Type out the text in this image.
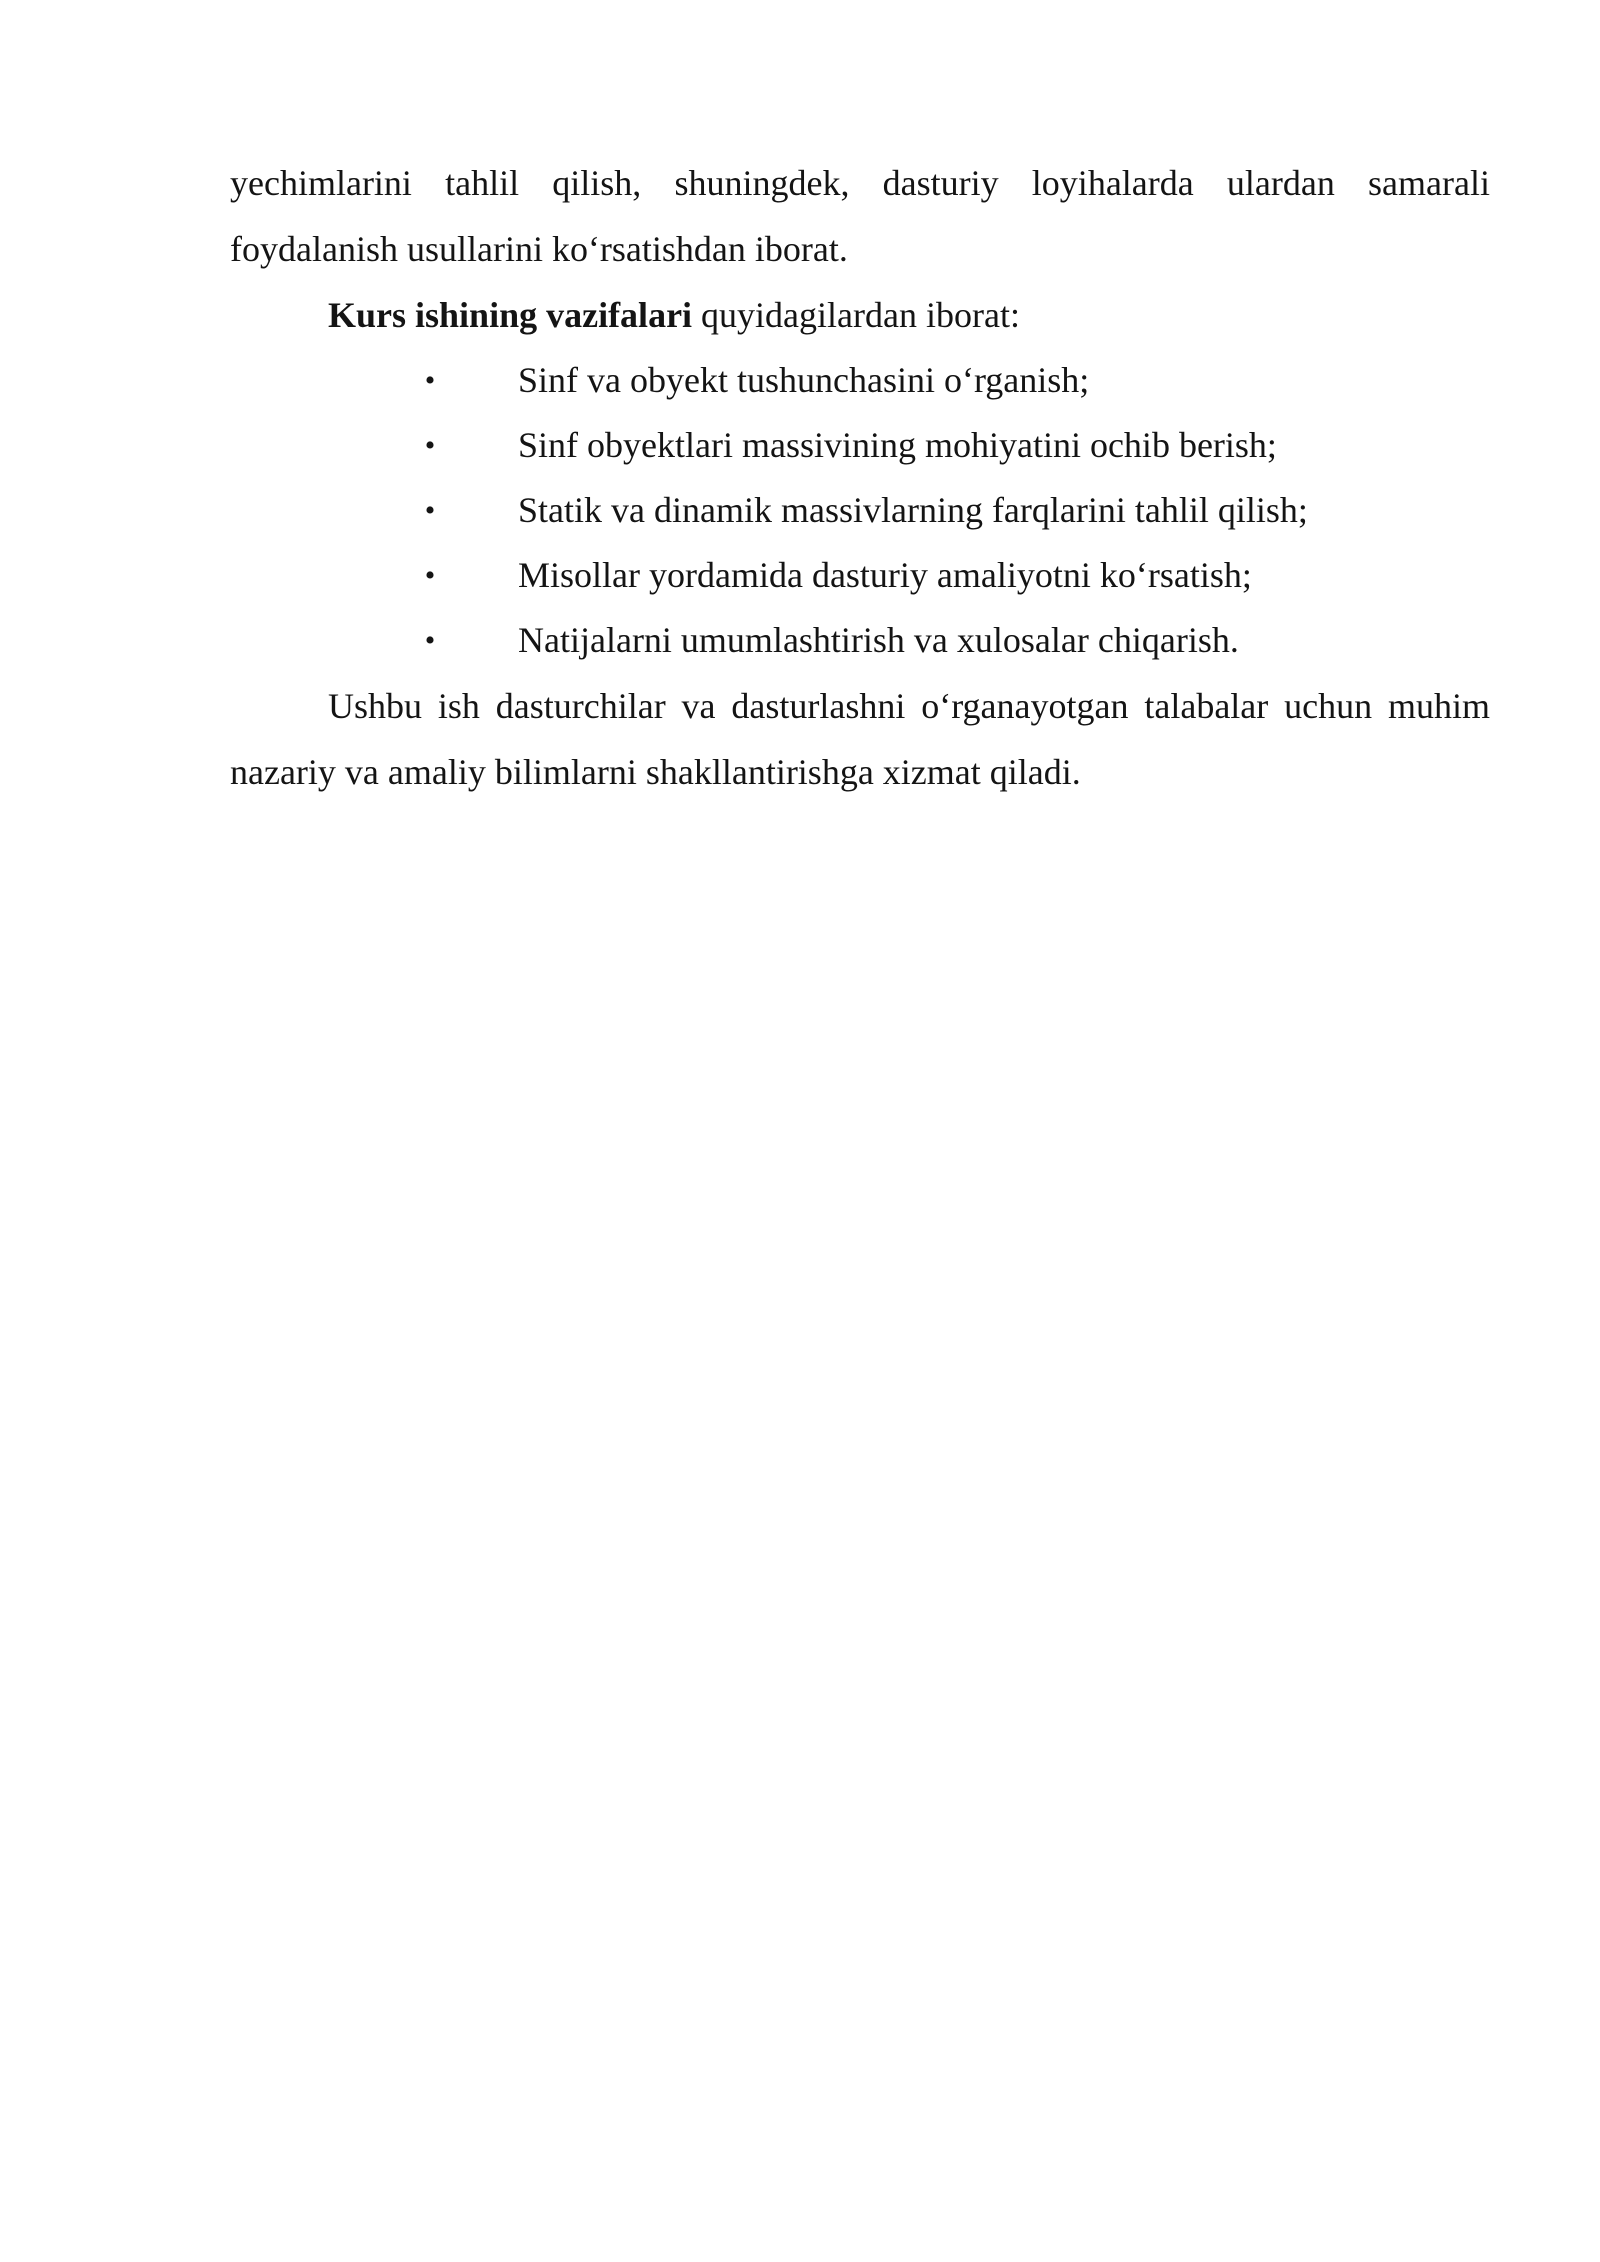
yechimlarini tahlil qilish, shuningdek, dasturiy loyihalarda ulardan samarali foydalanish usullarini ko‘rsatishdan iborat.

Kurs ishining vazifalari quyidagilardan iborat:

• Sinf va obyekt tushunchasini o‘rganish;
• Sinf obyektlari massivining mohiyatini ochib berish;
• Statik va dinamik massivlarning farqlarini tahlil qilish;
• Misollar yordamida dasturiy amaliyotni ko‘rsatish;
• Natijalarni umumlashtirish va xulosalar chiqarish.

Ushbu ish dasturchilar va dasturlashni o‘rganayotgan talabalar uchun muhim nazariy va amaliy bilimlarni shakllantirishga xizmat qiladi.
